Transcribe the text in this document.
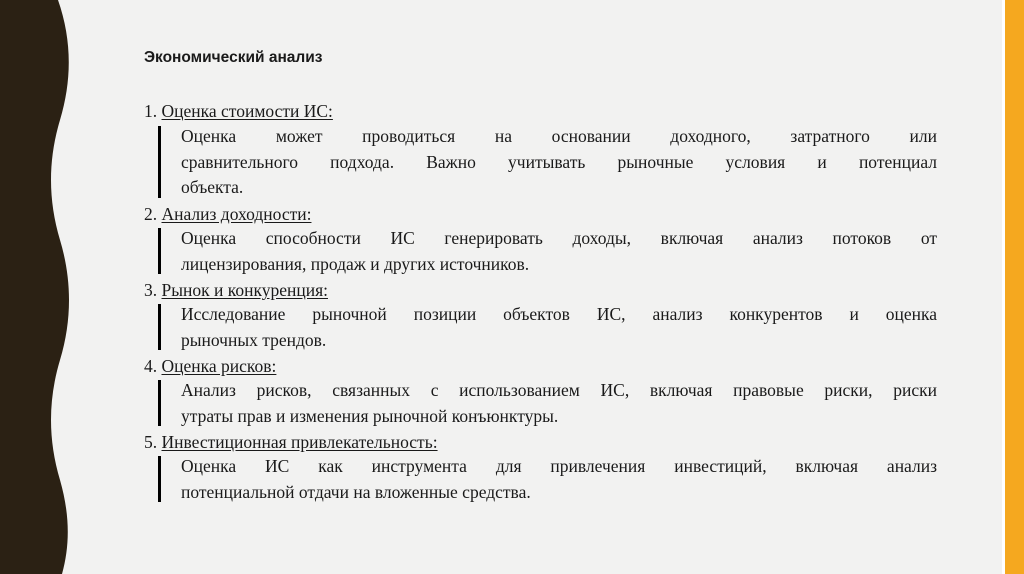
Экономический анализ
1. Оценка стоимости ИС:
Оценка может проводиться на основании доходного, затратного или
сравнительного подхода. Важно учитывать рыночные условия и потенциал
объекта.
2. Анализ доходности:
Оценка способности ИС генерировать доходы, включая анализ потоков от
лицензирования, продаж и других источников.
3. Рынок и конкуренция:
Исследование рыночной позиции объектов ИС, анализ конкурентов и оценка
рыночных трендов.
4. Оценка рисков:
Анализ рисков, связанных с использованием ИС, включая правовые риски, риски
утраты прав и изменения рыночной конъюнктуры.
5. Инвестиционная привлекательность:
Оценка ИС как инструмента для привлечения инвестиций, включая анализ
потенциальной отдачи на вложенные средства.
